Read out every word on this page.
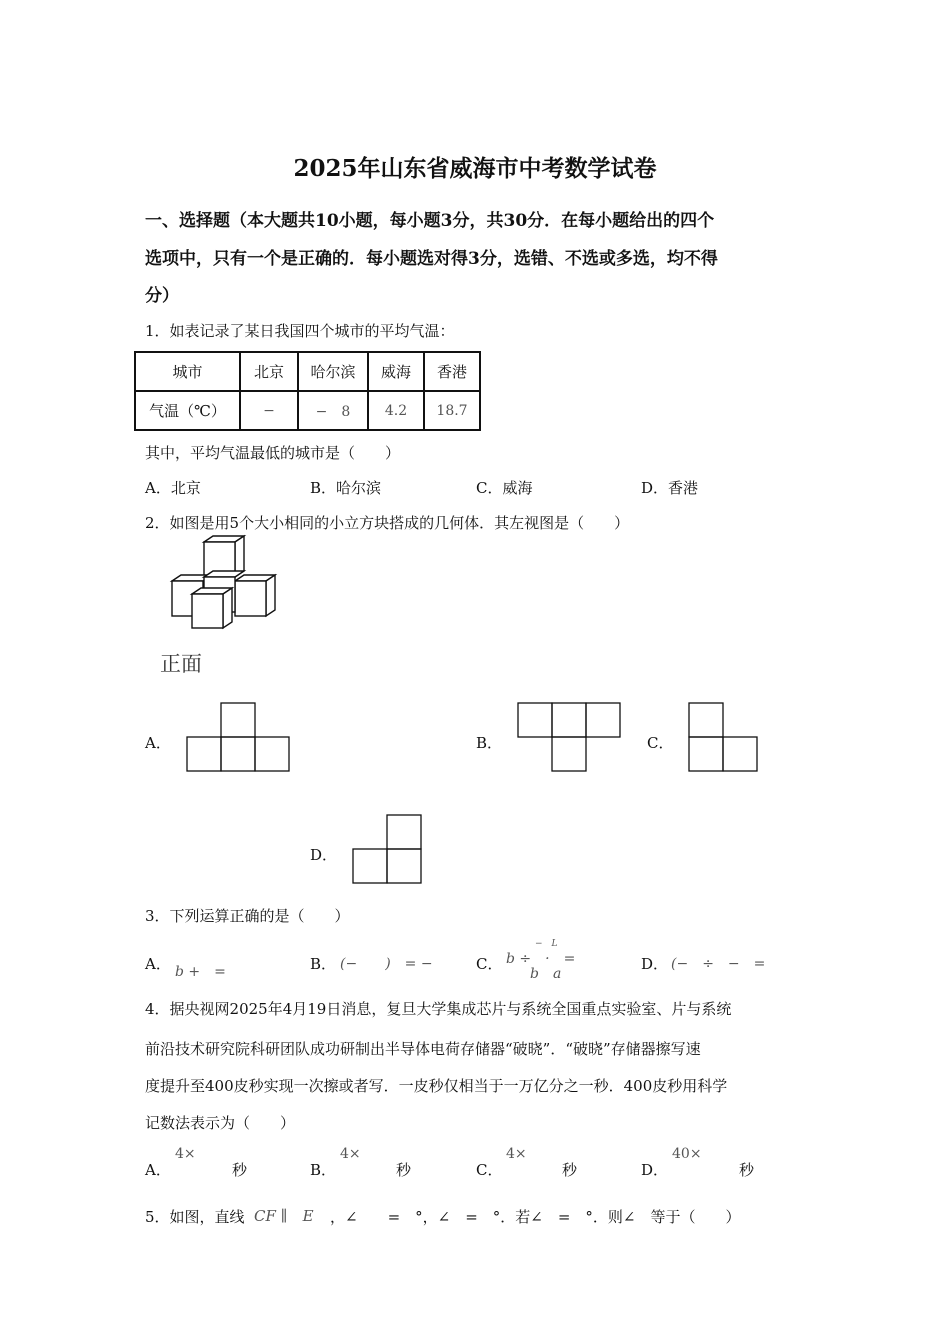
2025年山东省威海市中考数学试卷
一、选择题（本大题共10小题，每小题3分，共30分．在每小题给出的四个
选项中，只有一个是正确的．每小题选对得3分，选错、不选或多选，均不得
分）
1．如表记录了某日我国四个城市的平均气温：
城市	北京	哈尔滨	威海	香港
气温（℃）	−	−　8	4.2	18.7
其中，平均气温最低的城市是（　　）
A．北京	B．哈尔滨	C．威海	D．香港
2．如图是用5个大小相同的小立方块搭成的几何体．其左视图是（　　）
正面
A．	B．	C．
D．
3．下列运算正确的是（　　）
A． b +　=	B． (−　　)　= −	C．
−　L
b ÷　·　=
b　a
D． (−　÷　−　=
4．据央视网2025年4月19日消息，复旦大学集成芯片与系统全国重点实验室、片与系统
前沿技术研究院科研团队成功研制出半导体电荷存储器“破晓”．“破晓”存储器擦写速
度提升至400皮秒实现一次擦或者写．一皮秒仅相当于一万亿分之一秒．400皮秒用科学
记数法表示为（　　）
A．
4×
秒	B．
4×
秒	C．
4×
秒	D．
40×
秒
5．如图，直线 CF ∥　E ，∠　　=　°，∠　=　°．若∠　=　°．则∠　等于（　　）
